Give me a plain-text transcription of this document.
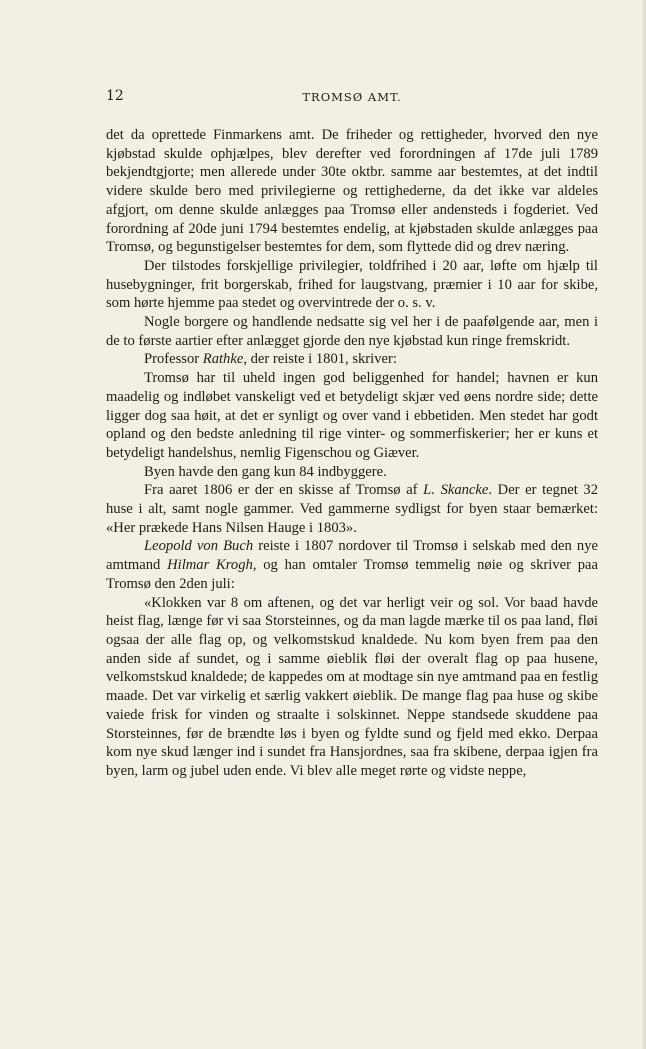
12	TROMSØ AMT.

det da oprettede Finmarkens amt. De friheder og rettigheder, hvorved den nye kjøbstad skulde ophjælpes, blev derefter ved forordningen af 17de juli 1789 bekjendtgjorte; men allerede under 30te oktbr. samme aar bestemtes, at det indtil videre skulde bero med privilegierne og rettighederne, da det ikke var aldeles afgjort, om denne skulde anlægges paa Tromsø eller andensteds i fogderiet. Ved forordning af 20de juni 1794 bestemtes endelig, at kjøbstaden skulde anlægges paa Tromsø, og begunstigelser bestemtes for dem, som flyttede did og drev næring.

Der tilstodes forskjellige privilegier, toldfrihed i 20 aar, løfte om hjælp til husebygninger, frit borgerskab, frihed for laugstvang, præmier i 10 aar for skibe, som hørte hjemme paa stedet og overvintrede der o. s. v.

Nogle borgere og handlende nedsatte sig vel her i de paafølgende aar, men i de to første aartier efter anlægget gjorde den nye kjøbstad kun ringe fremskridt.

Professor Rathke, der reiste i 1801, skriver:

Tromsø har til uheld ingen god beliggenhed for handel; havnen er kun maadelig og indløbet vanskeligt ved et betydeligt skjær ved øens nordre side; dette ligger dog saa høit, at det er synligt og over vand i ebbetiden. Men stedet har godt opland og den bedste anledning til rige vinter- og sommerfiskerier; her er kuns et betydeligt handelshus, nemlig Figenschou og Giæver.

Byen havde den gang kun 84 indbyggere.

Fra aaret 1806 er der en skisse af Tromsø af L. Skancke. Der er tegnet 32 huse i alt, samt nogle gammer. Ved gammerne sydligst for byen staar bemærket: «Her prækede Hans Nilsen Hauge i 1803».

Leopold von Buch reiste i 1807 nordover til Tromsø i selskab med den nye amtmand Hilmar Krogh, og han omtaler Tromsø temmelig nøie og skriver paa Tromsø den 2den juli:

«Klokken var 8 om aftenen, og det var herligt veir og sol. Vor baad havde heist flag, længe før vi saa Storsteinnes, og da man lagde mærke til os paa land, fløi ogsaa der alle flag op, og velkomstskud knaldede. Nu kom byen frem paa den anden side af sundet, og i samme øieblik fløi der overalt flag op paa husene, velkomstskud knaldede; de kappedes om at modtage sin nye amtmand paa en festlig maade. Det var virkelig et særlig vakkert øieblik. De mange flag paa huse og skibe vaiede frisk for vinden og straalte i solskinnet. Neppe standsede skuddene paa Storsteinnes, før de brændte løs i byen og fyldte sund og fjeld med ekko. Derpaa kom nye skud længer ind i sundet fra Hansjordnes, saa fra skibene, derpaa igjen fra byen, larm og jubel uden ende. Vi blev alle meget rørte og vidste neppe,
